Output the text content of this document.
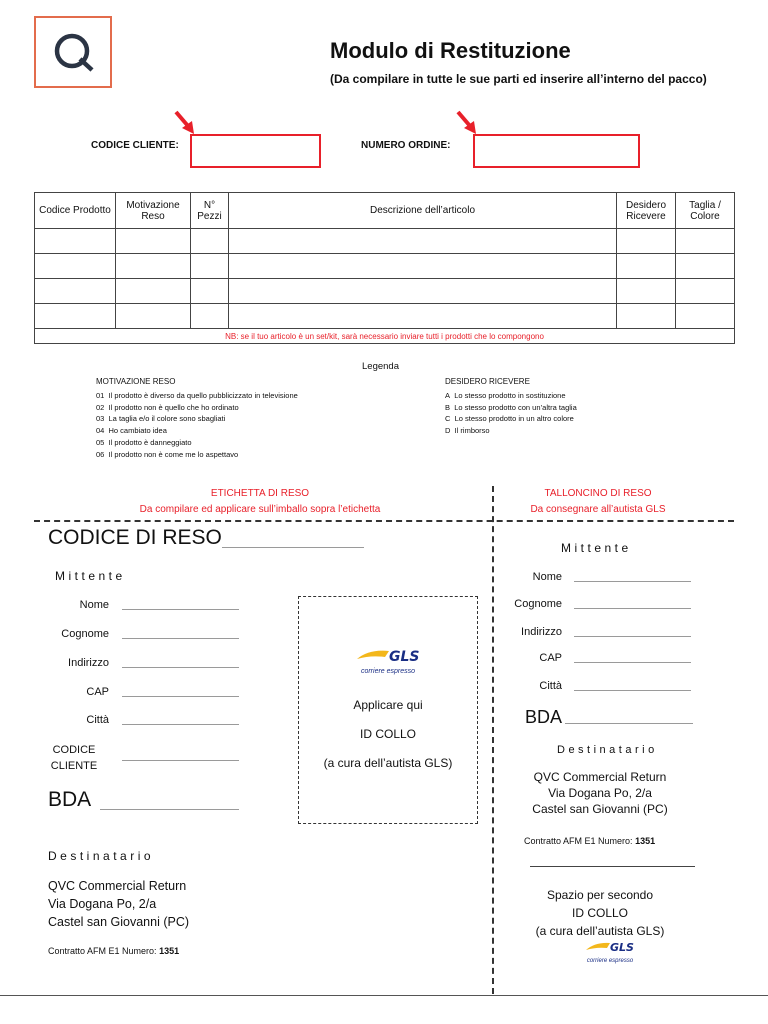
Modulo di Restituzione
(Da compilare in tutte le sue parti ed inserire all’interno del pacco)
CODICE CLIENTE:	NUMERO ORDINE:
Codice Prodotto	Motivazione Reso	N° Pezzi	Descrizione dell’articolo	Desidero Ricevere	Taglia / Colore

NB: se il tuo articolo è un set/kit, sarà necessario inviare tutti i prodotti che lo compongono					
Legenda
MOTIVAZIONE RESO
01 Il prodotto è diverso da quello pubblicizzato in televisione
02 Il prodotto non è quello che ho ordinato
03 La taglia e/o il colore sono sbagliati
04 Ho cambiato idea
05 Il prodotto è danneggiato
06 Il prodotto non è come me lo aspettavo
DESIDERO RICEVERE
A Lo stesso prodotto in sostituzione
B Lo stesso prodotto con un’altra taglia
C Lo stesso prodotto in un altro colore
D Il rimborso
ETICHETTA DI RESO
Da compilare ed applicare sull’imballo sopra l’etichetta
TALLONCINO DI RESO
Da consegnare all’autista GLS
CODICE DI RESO
Mittente
Nome
Cognome
Indirizzo
CAP
Città
CODICE CLIENTE
BDA
Destinatario
QVC Commercial Return
Via Dogana Po, 2/a
Castel san Giovanni (PC)
Contratto AFM E1 Numero: 1351
GLS
corriere espresso
Applicare qui
ID COLLO
(a cura dell’autista GLS)
Mittente
Nome
Cognome
Indirizzo
CAP
Città
BDA
Destinatario
QVC Commercial Return
Via Dogana Po, 2/a
Castel san Giovanni (PC)
Contratto AFM E1 Numero: 1351
Spazio per secondo
ID COLLO
(a cura dell’autista GLS)
GLS
corriere espresso
